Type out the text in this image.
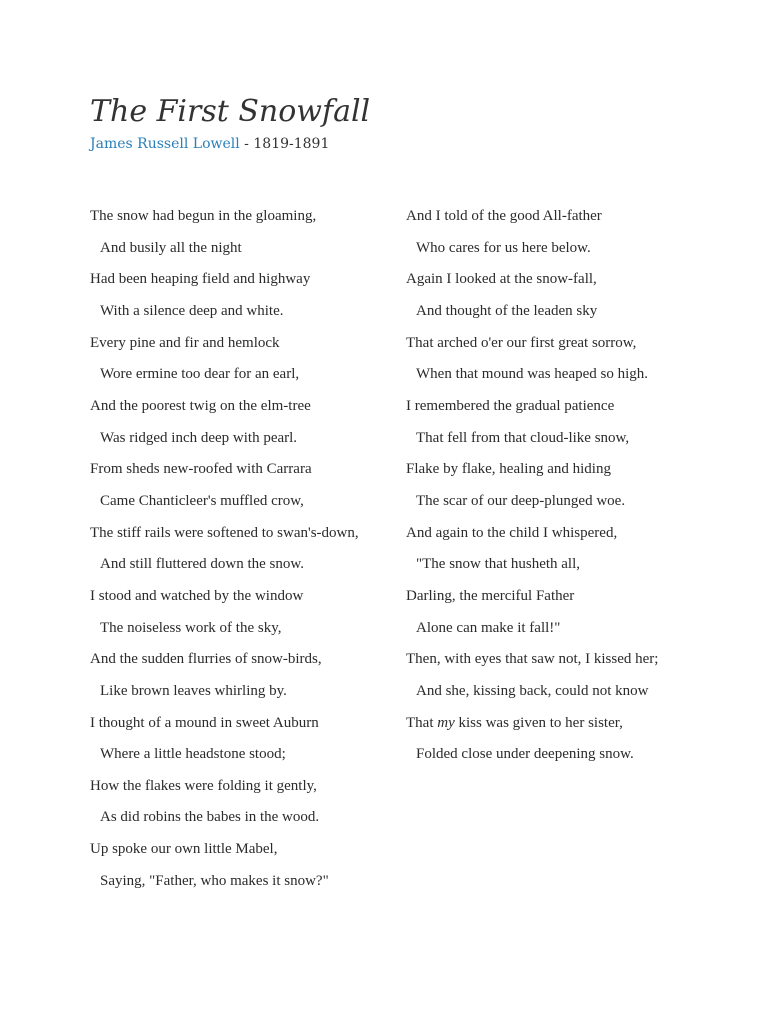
The First Snowfall
James Russell Lowell - 1819-1891
The snow had begun in the gloaming,
And busily all the night
Had been heaping field and highway
With a silence deep and white.
Every pine and fir and hemlock
Wore ermine too dear for an earl,
And the poorest twig on the elm-tree
Was ridged inch deep with pearl.
From sheds new-roofed with Carrara
Came Chanticleer's muffled crow,
The stiff rails were softened to swan's-down,
And still fluttered down the snow.
I stood and watched by the window
The noiseless work of the sky,
And the sudden flurries of snow-birds,
Like brown leaves whirling by.
I thought of a mound in sweet Auburn
Where a little headstone stood;
How the flakes were folding it gently,
As did robins the babes in the wood.
Up spoke our own little Mabel,
Saying, "Father, who makes it snow?"
And I told of the good All-father
Who cares for us here below.
Again I looked at the snow-fall,
And thought of the leaden sky
That arched o'er our first great sorrow,
When that mound was heaped so high.
I remembered the gradual patience
That fell from that cloud-like snow,
Flake by flake, healing and hiding
The scar of our deep-plunged woe.
And again to the child I whispered,
"The snow that husheth all,
Darling, the merciful Father
Alone can make it fall!"
Then, with eyes that saw not, I kissed her;
And she, kissing back, could not know
That my kiss was given to her sister,
Folded close under deepening snow.
